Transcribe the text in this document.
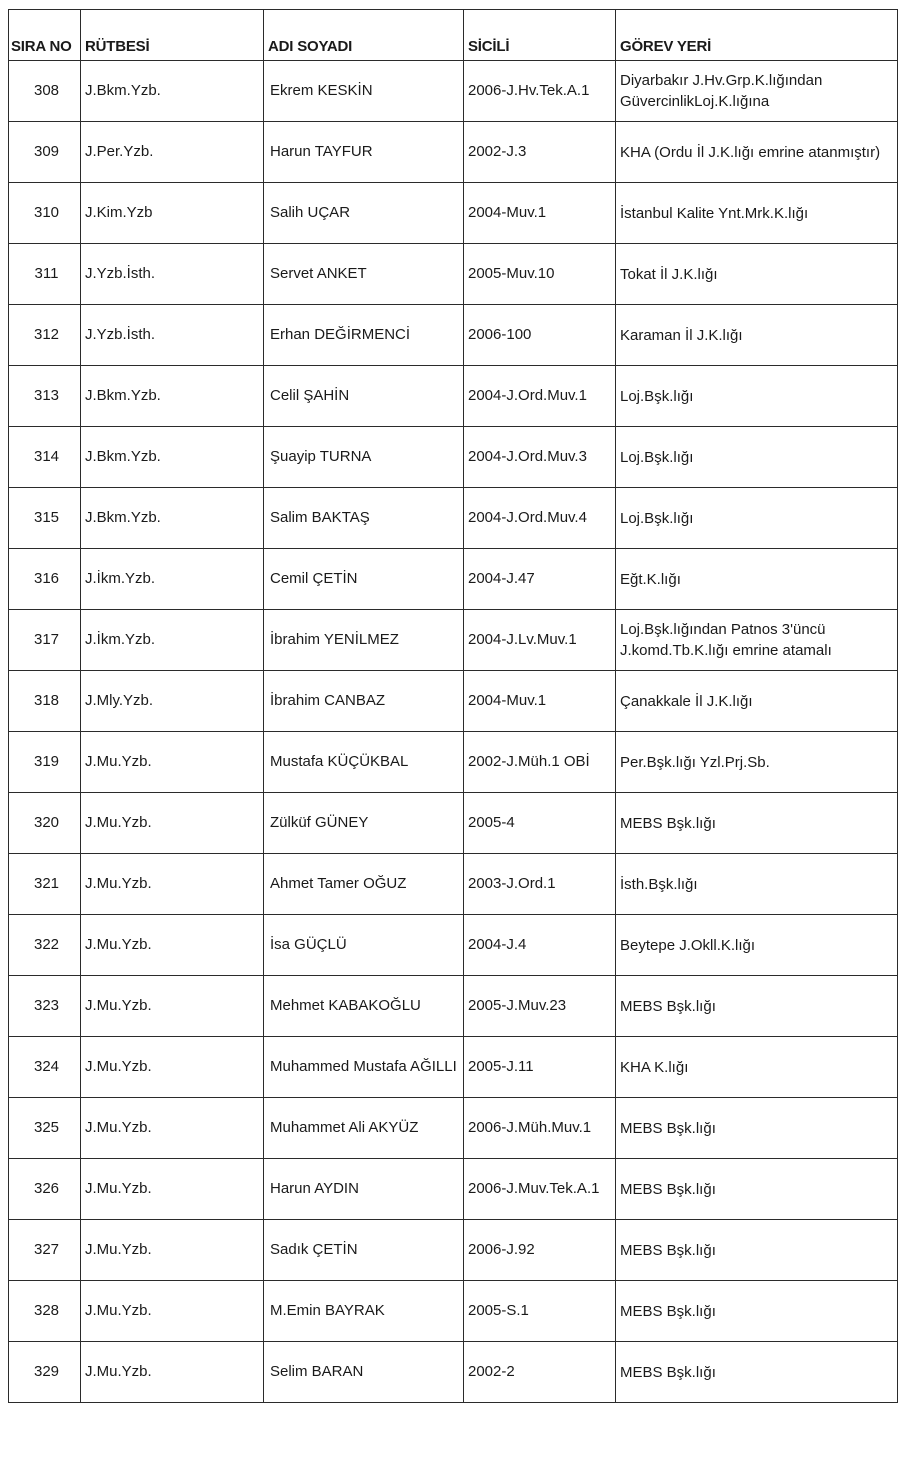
SIRA NO	RÜTBESİ	ADI SOYADI	SİCİLİ	GÖREV YERİ
308	J.Bkm.Yzb.	Ekrem KESKİN	2006-J.Hv.Tek.A.1	Diyarbakır J.Hv.Grp.K.lığından GüvercinlikLoj.K.lığına
309	J.Per.Yzb.	Harun TAYFUR	2002-J.3	KHA (Ordu İl J.K.lığı emrine atanmıştır)
310	J.Kim.Yzb	Salih UÇAR	2004-Muv.1	İstanbul Kalite Ynt.Mrk.K.lığı
311	J.Yzb.İsth.	Servet ANKET	2005-Muv.10	Tokat İl J.K.lığı
312	J.Yzb.İsth.	Erhan DEĞİRMENCİ	2006-100	Karaman İl J.K.lığı
313	J.Bkm.Yzb.	Celil ŞAHİN	2004-J.Ord.Muv.1	Loj.Bşk.lığı
314	J.Bkm.Yzb.	Şuayip TURNA	2004-J.Ord.Muv.3	Loj.Bşk.lığı
315	J.Bkm.Yzb.	Salim BAKTAŞ	2004-J.Ord.Muv.4	Loj.Bşk.lığı
316	J.İkm.Yzb.	Cemil ÇETİN	2004-J.47	Eğt.K.lığı
317	J.İkm.Yzb.	İbrahim YENİLMEZ	2004-J.Lv.Muv.1	Loj.Bşk.lığından Patnos 3'üncü J.komd.Tb.K.lığı emrine atamalı
318	J.Mly.Yzb.	İbrahim CANBAZ	2004-Muv.1	Çanakkale İl J.K.lığı
319	J.Mu.Yzb.	Mustafa KÜÇÜKBAL	2002-J.Müh.1 OBİ	Per.Bşk.lığı Yzl.Prj.Sb.
320	J.Mu.Yzb.	Zülküf GÜNEY	2005-4	MEBS Bşk.lığı
321	J.Mu.Yzb.	Ahmet Tamer OĞUZ	2003-J.Ord.1	İsth.Bşk.lığı
322	J.Mu.Yzb.	İsa GÜÇLÜ	2004-J.4	Beytepe J.Okll.K.lığı
323	J.Mu.Yzb.	Mehmet KABAKOĞLU	2005-J.Muv.23	MEBS Bşk.lığı
324	J.Mu.Yzb.	Muhammed Mustafa AĞILLI	2005-J.11	KHA K.lığı
325	J.Mu.Yzb.	Muhammet Ali AKYÜZ	2006-J.Müh.Muv.1	MEBS Bşk.lığı
326	J.Mu.Yzb.	Harun AYDIN	2006-J.Muv.Tek.A.1	MEBS Bşk.lığı
327	J.Mu.Yzb.	Sadık ÇETİN	2006-J.92	MEBS Bşk.lığı
328	J.Mu.Yzb.	M.Emin BAYRAK	2005-S.1	MEBS Bşk.lığı
329	J.Mu.Yzb.	Selim BARAN	2002-2	MEBS Bşk.lığı
